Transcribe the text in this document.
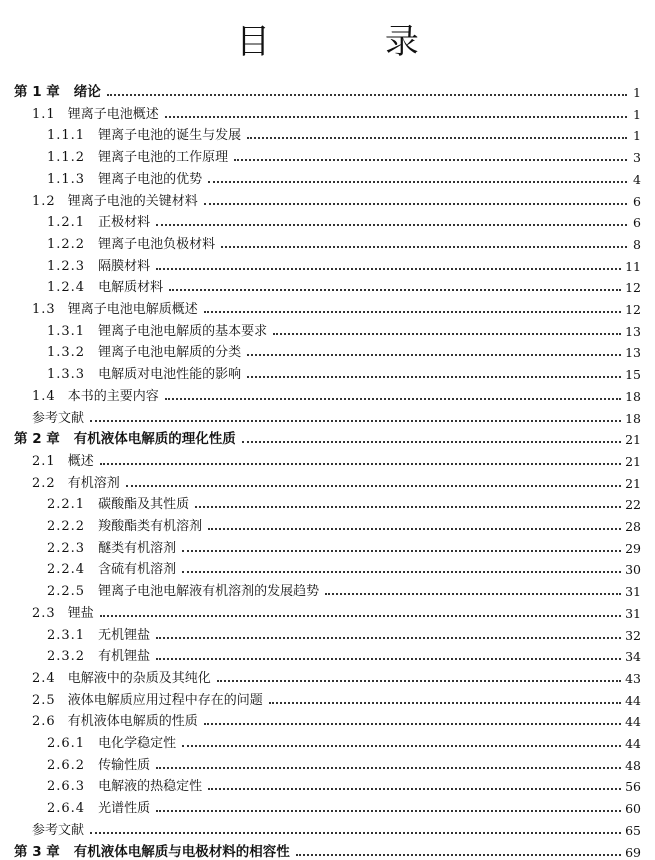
目 录
第 1 章 绪论	1
1.1 锂离子电池概述	1
1.1.1 锂离子电池的诞生与发展	1
1.1.2 锂离子电池的工作原理	3
1.1.3 锂离子电池的优势	4
1.2 锂离子电池的关键材料	6
1.2.1 正极材料	6
1.2.2 锂离子电池负极材料	8
1.2.3 隔膜材料	11
1.2.4 电解质材料	12
1.3 锂离子电池电解质概述	12
1.3.1 锂离子电池电解质的基本要求	13
1.3.2 锂离子电池电解质的分类	13
1.3.3 电解质对电池性能的影响	15
1.4 本书的主要内容	18
参考文献	18
第 2 章 有机液体电解质的理化性质	21
2.1 概述	21
2.2 有机溶剂	21
2.2.1 碳酸酯及其性质	22
2.2.2 羧酸酯类有机溶剂	28
2.2.3 醚类有机溶剂	29
2.2.4 含硫有机溶剂	30
2.2.5 锂离子电池电解液有机溶剂的发展趋势	31
2.3 锂盐	31
2.3.1 无机锂盐	32
2.3.2 有机锂盐	34
2.4 电解液中的杂质及其纯化	43
2.5 液体电解质应用过程中存在的问题	44
2.6 有机液体电解质的性质	44
2.6.1 电化学稳定性	44
2.6.2 传输性质	48
2.6.3 电解液的热稳定性	56
2.6.4 光谱性质	60
参考文献	65
第 3 章 有机液体电解质与电极材料的相容性	69
